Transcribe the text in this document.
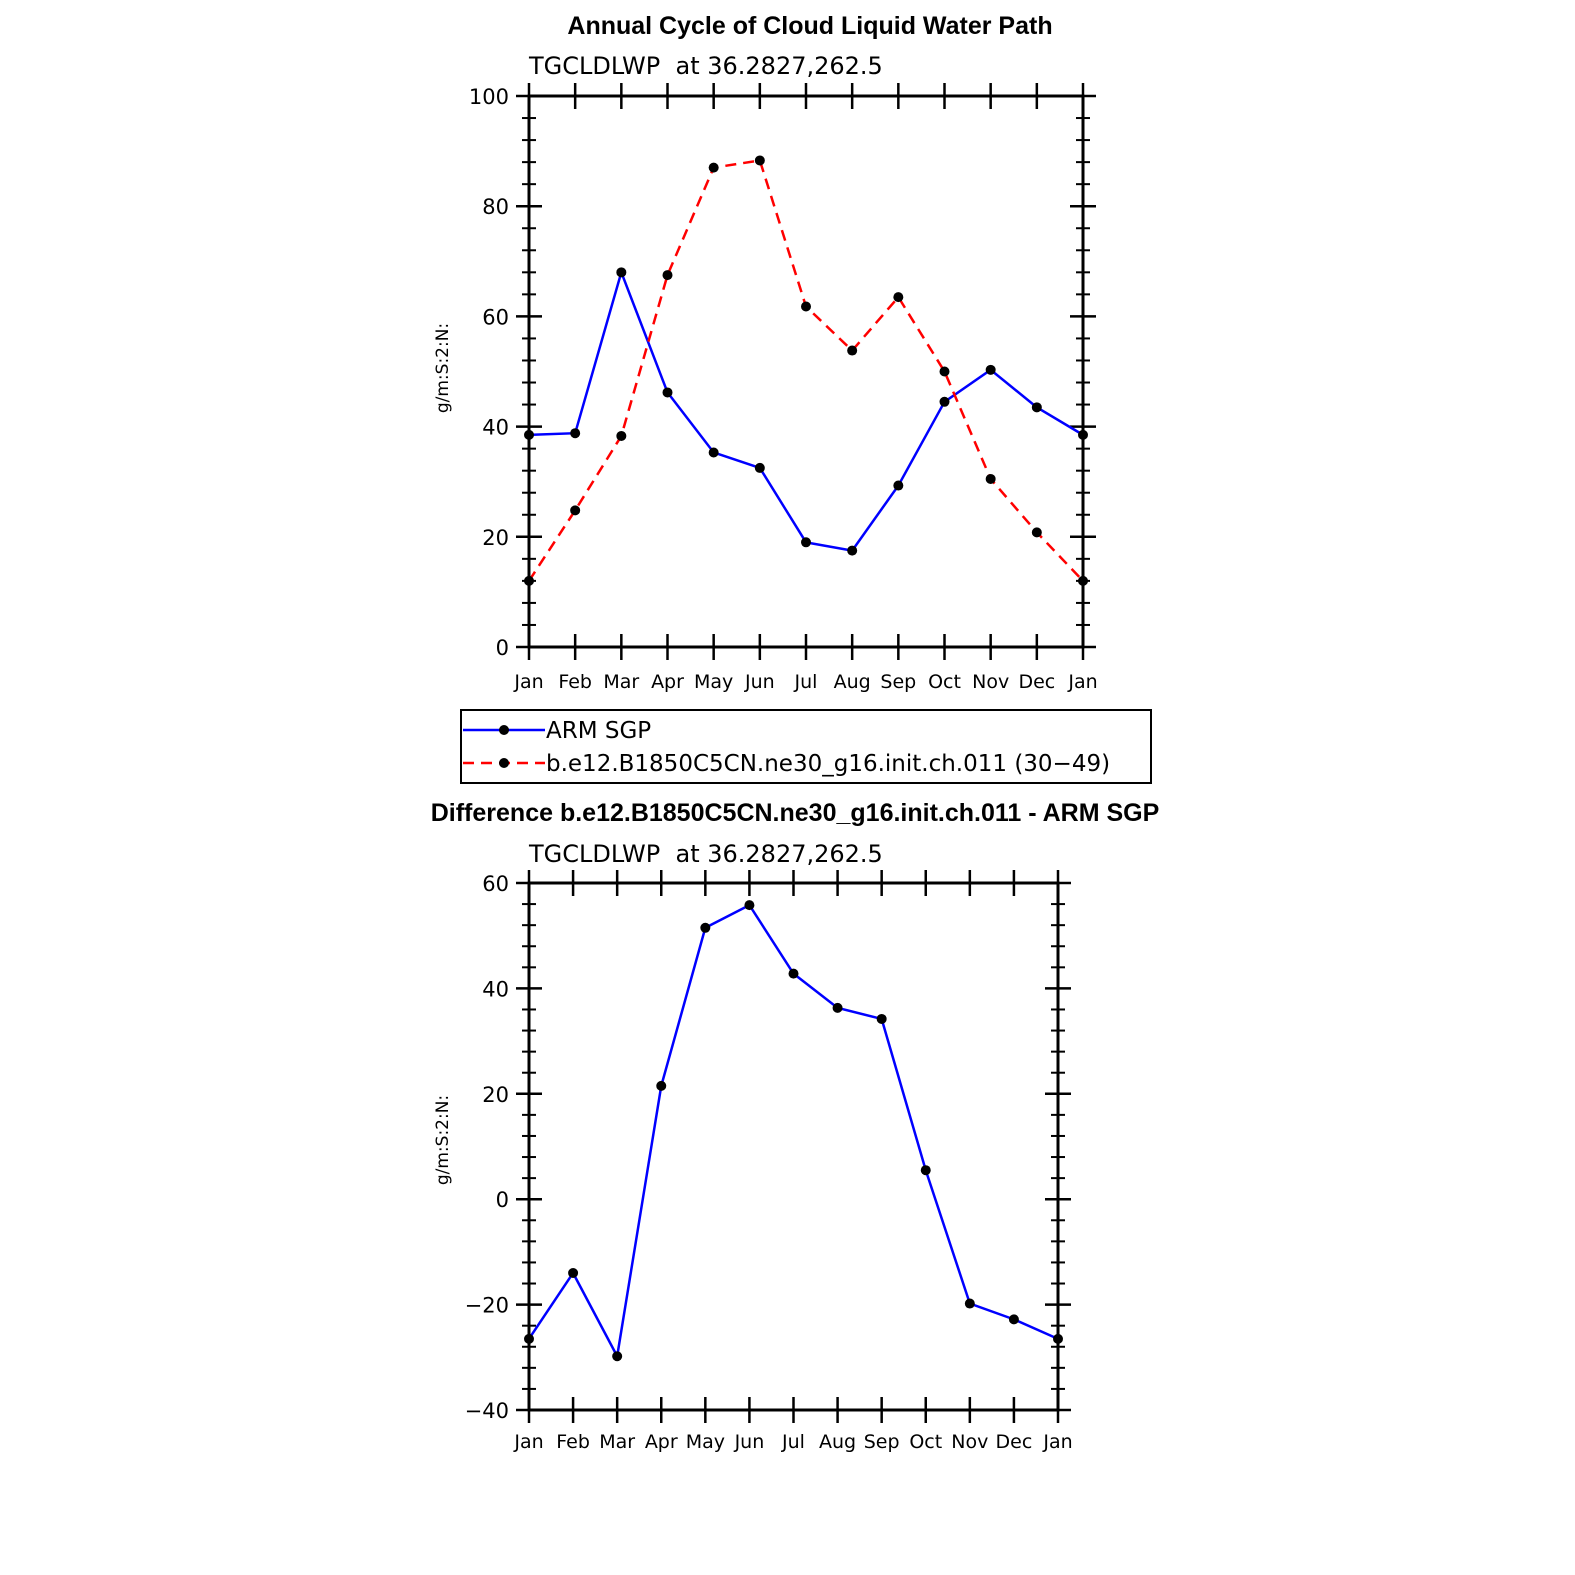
Annual Cycle of Cloud Liquid Water Path
TGCLDLWP  at 36.2827,262.5
g/m:S:2:N:
0
20
40
60
80
100
Jan Feb Mar Apr May Jun Jul Aug Sep Oct Nov Dec Jan
ARM SGP
b.e12.B1850C5CN.ne30_g16.init.ch.011 (30−49)
Difference b.e12.B1850C5CN.ne30_g16.init.ch.011 - ARM SGP
TGCLDLWP  at 36.2827,262.5
g/m:S:2:N:
−40
−20
0
20
40
60
Jan Feb Mar Apr May Jun Jul Aug Sep Oct Nov Dec Jan
